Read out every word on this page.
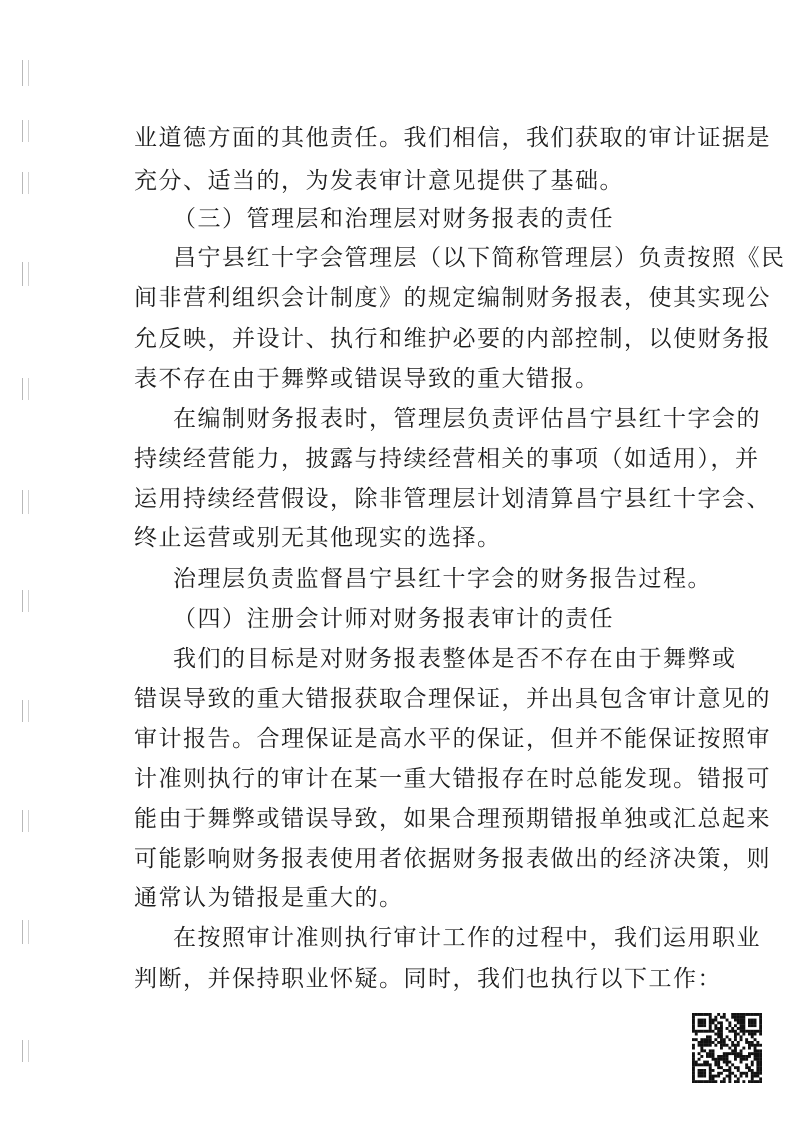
业道德方面的其他责任。我们相信，我们获取的审计证据是

充分、适当的，为发表审计意见提供了基础。

（三）管理层和治理层对财务报表的责任

昌宁县红十字会管理层（以下简称管理层）负责按照《民

间非营利组织会计制度》的规定编制财务报表，使其实现公

允反映，并设计、执行和维护必要的内部控制，以使财务报

表不存在由于舞弊或错误导致的重大错报。

在编制财务报表时，管理层负责评估昌宁县红十字会的

持续经营能力，披露与持续经营相关的事项（如适用），并

运用持续经营假设，除非管理层计划清算昌宁县红十字会、

终止运营或别无其他现实的选择。

治理层负责监督昌宁县红十字会的财务报告过程。

（四）注册会计师对财务报表审计的责任

我们的目标是对财务报表整体是否不存在由于舞弊或

错误导致的重大错报获取合理保证，并出具包含审计意见的

审计报告。合理保证是高水平的保证，但并不能保证按照审

计准则执行的审计在某一重大错报存在时总能发现。错报可

能由于舞弊或错误导致，如果合理预期错报单独或汇总起来

可能影响财务报表使用者依据财务报表做出的经济决策，则

通常认为错报是重大的。

在按照审计准则执行审计工作的过程中，我们运用职业

判断，并保持职业怀疑。同时，我们也执行以下工作：
